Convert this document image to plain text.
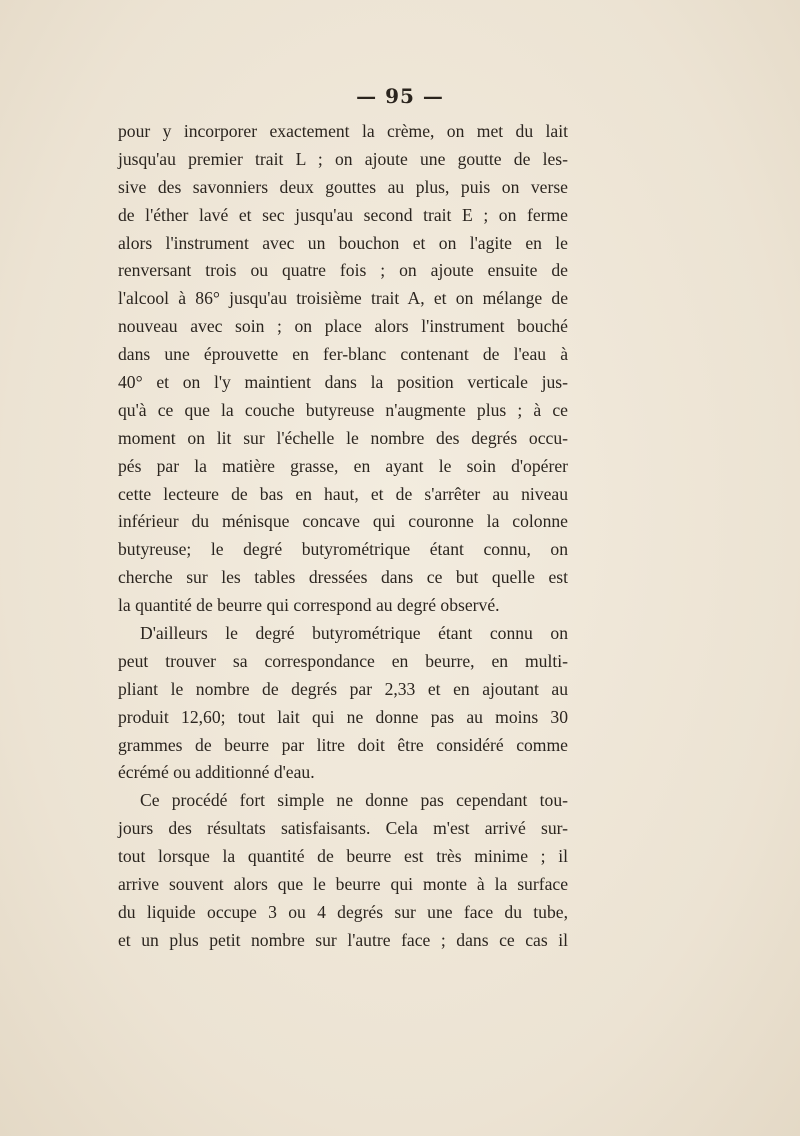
— 95 —
pour y incorporer exactement la crème, on met du lait
jusqu'au premier trait L ; on ajoute une goutte de les-
sive des savonniers deux gouttes au plus, puis on verse
de l'éther lavé et sec jusqu'au second trait E ; on ferme
alors l'instrument avec un bouchon et on l'agite en le
renversant trois ou quatre fois ; on ajoute ensuite de
l'alcool à 86° jusqu'au troisième trait A, et on mélange de
nouveau avec soin ; on place alors l'instrument bouché
dans une éprouvette en fer-blanc contenant de l'eau à
40° et on l'y maintient dans la position verticale jus-
qu'à ce que la couche butyreuse n'augmente plus ; à ce
moment on lit sur l'échelle le nombre des degrés occu-
pés par la matière grasse, en ayant le soin d'opérer
cette lecteure de bas en haut, et de s'arrêter au niveau
inférieur du ménisque concave qui couronne la colonne
butyreuse; le degré butyrométrique étant connu, on
cherche sur les tables dressées dans ce but quelle est
la quantité de beurre qui correspond au degré observé.
D'ailleurs le degré butyrométrique étant connu on
peut trouver sa correspondance en beurre, en multi-
pliant le nombre de degrés par 2,33 et en ajoutant au
produit 12,60; tout lait qui ne donne pas au moins 30
grammes de beurre par litre doit être considéré comme
écrémé ou additionné d'eau.
Ce procédé fort simple ne donne pas cependant tou-
jours des résultats satisfaisants. Cela m'est arrivé sur-
tout lorsque la quantité de beurre est très minime ; il
arrive souvent alors que le beurre qui monte à la surface
du liquide occupe 3 ou 4 degrés sur une face du tube,
et un plus petit nombre sur l'autre face ; dans ce cas il
